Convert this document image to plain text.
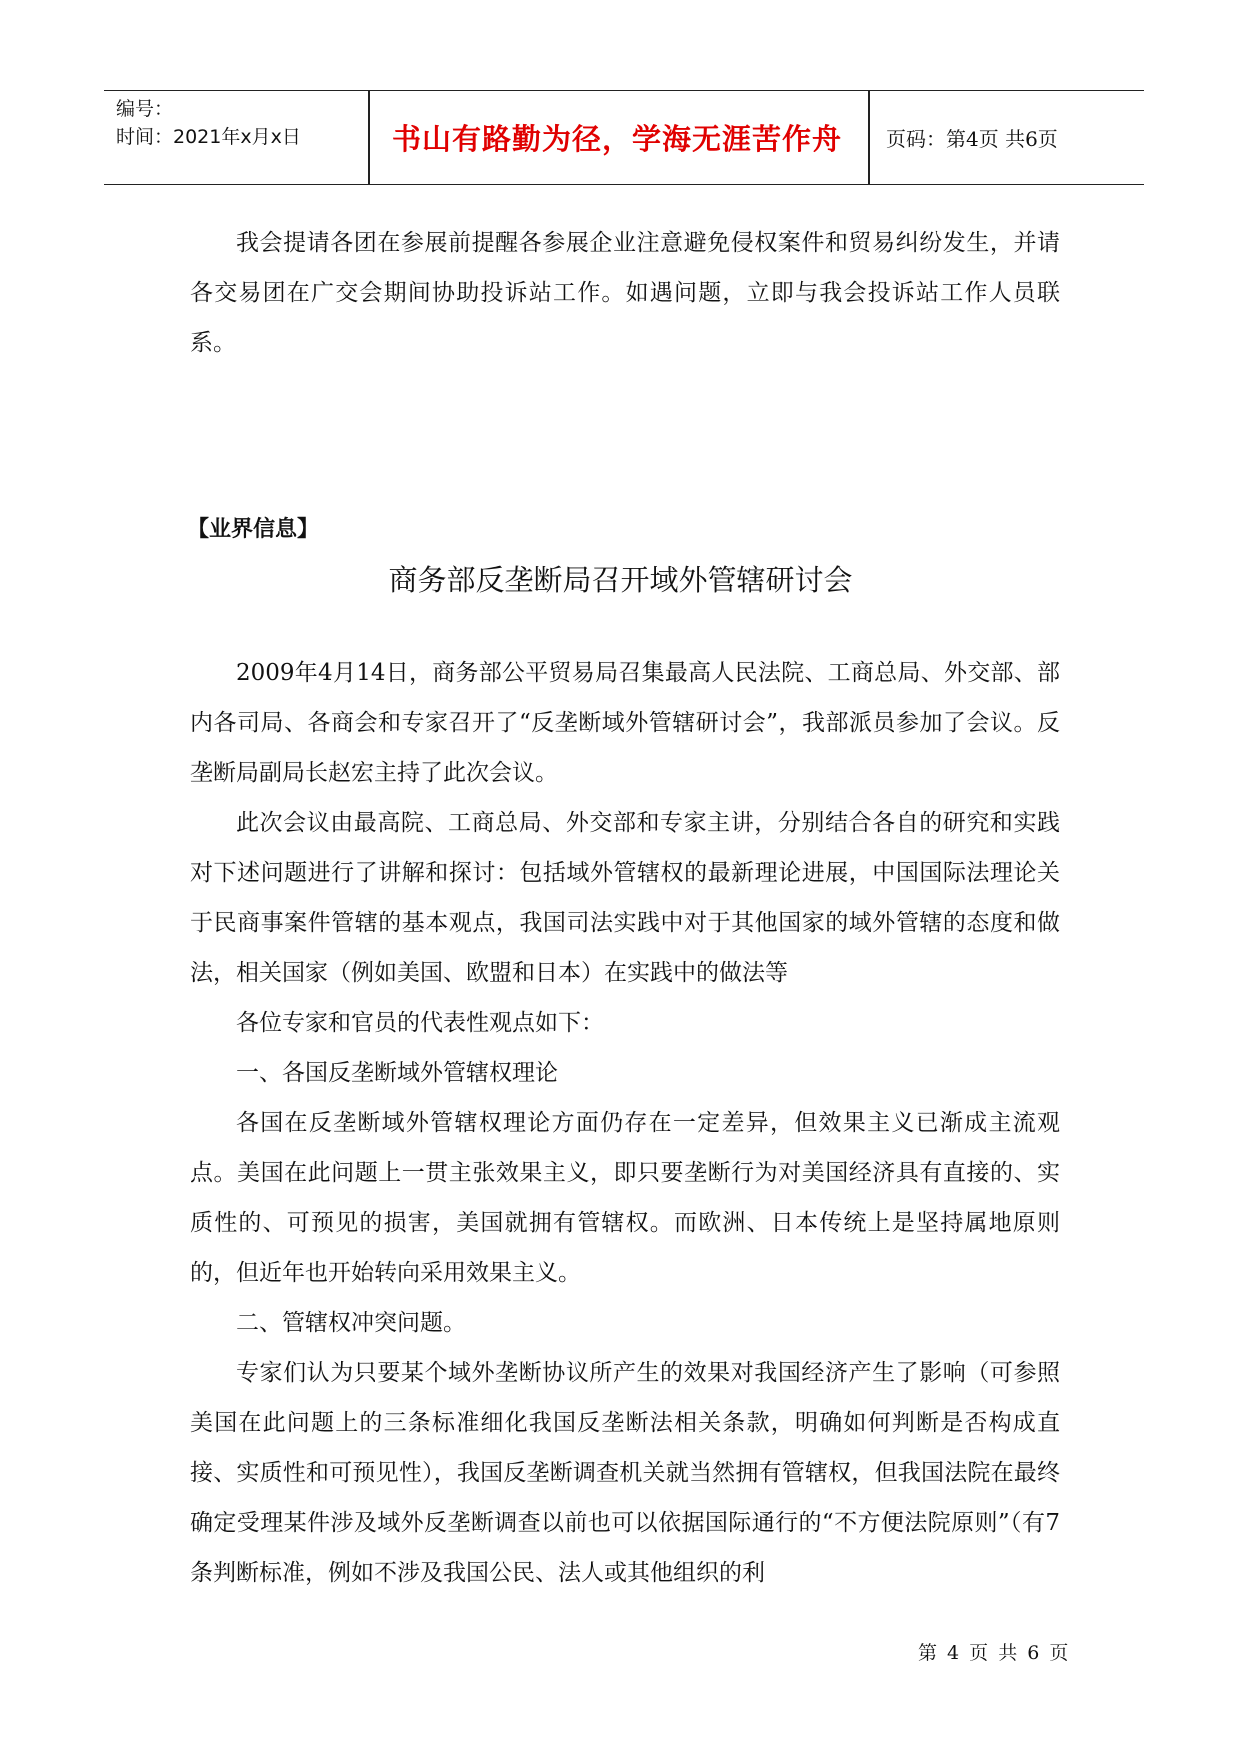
编号：
时间：2021年x月x日	书山有路勤为径，学海无涯苦作舟	页码：第4页 共6页
我会提请各团在参展前提醒各参展企业注意避免侵权案件和贸易纠纷发生，并请各交易团在广交会期间协助投诉站工作。如遇问题，立即与我会投诉站工作人员联系。
【业界信息】
商务部反垄断局召开域外管辖研讨会
2009年4月14日，商务部公平贸易局召集最高人民法院、工商总局、外交部、部内各司局、各商会和专家召开了“反垄断域外管辖研讨会”，我部派员参加了会议。反垄断局副局长赵宏主持了此次会议。
此次会议由最高院、工商总局、外交部和专家主讲，分别结合各自的研究和实践对下述问题进行了讲解和探讨：包括域外管辖权的最新理论进展，中国国际法理论关于民商事案件管辖的基本观点，我国司法实践中对于其他国家的域外管辖的态度和做法，相关国家（例如美国、欧盟和日本）在实践中的做法等
各位专家和官员的代表性观点如下：
一、各国反垄断域外管辖权理论
各国在反垄断域外管辖权理论方面仍存在一定差异，但效果主义已渐成主流观点。美国在此问题上一贯主张效果主义，即只要垄断行为对美国经济具有直接的、实质性的、可预见的损害，美国就拥有管辖权。而欧洲、日本传统上是坚持属地原则的，但近年也开始转向采用效果主义。
二、管辖权冲突问题。
专家们认为只要某个域外垄断协议所产生的效果对我国经济产生了影响（可参照美国在此问题上的三条标准细化我国反垄断法相关条款，明确如何判断是否构成直接、实质性和可预见性），我国反垄断调查机关就当然拥有管辖权，但我国法院在最终确定受理某件涉及域外反垄断调查以前也可以依据国际通行的“不方便法院原则”（有7条判断标准，例如不涉及我国公民、法人或其他组织的利
第 4 页 共 6 页
